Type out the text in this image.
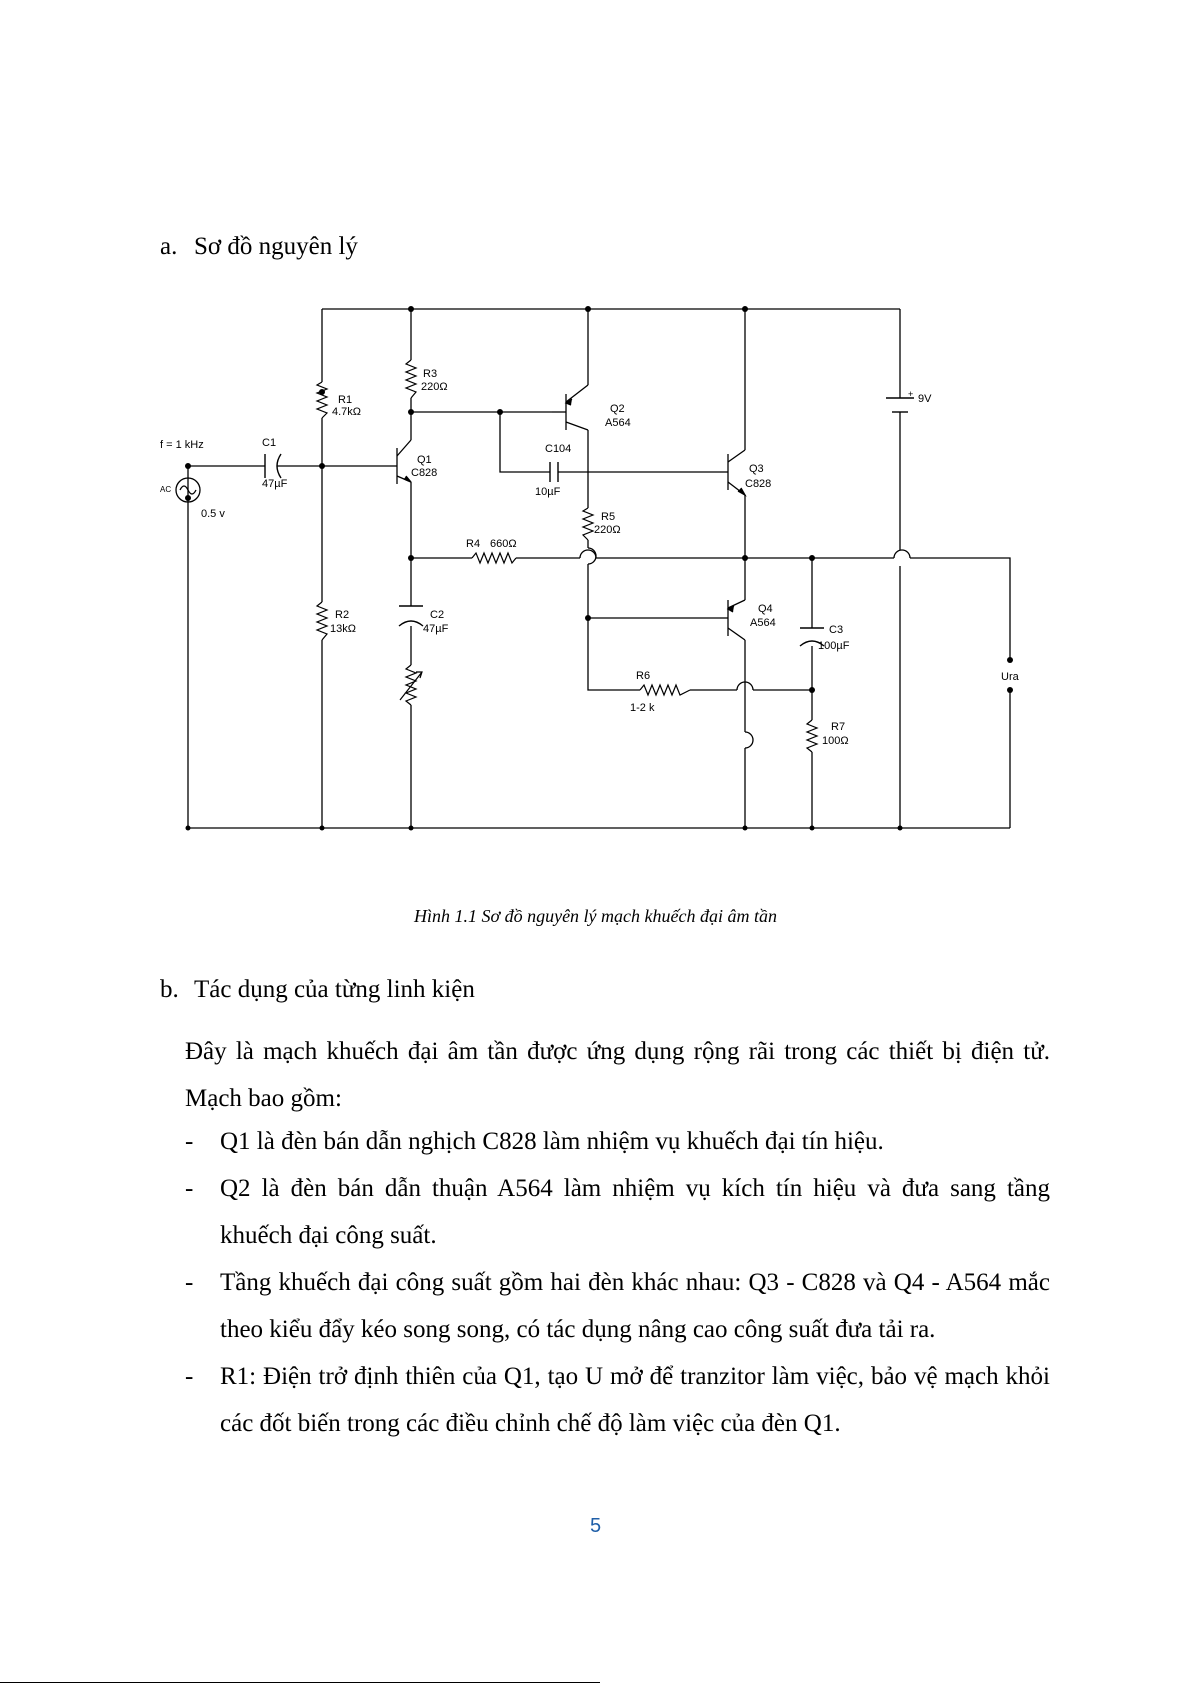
a. Sơ đồ nguyên lý
+
f = 1 kHz
AC
0.5 v
C1
47µF
R1
4.7kΩ
R2
13kΩ
R3
220Ω
Q1
C828
Q2
A564
C104
10µF
Q3
C828
R5
220Ω
R4 660Ω
C2
47µF
Q4
A564
C3
100µF
R6
1-2 k
R7
100Ω
9V
Ura
Hình 1.1 Sơ đồ nguyên lý mạch khuếch đại âm tần
b. Tác dụng của từng linh kiện
Đây là mạch khuếch đại âm tần được ứng dụng rộng rãi trong các thiết bị điện tử. Mạch bao gồm:
- Q1 là đèn bán dẫn nghịch C828 làm nhiệm vụ khuếch đại tín hiệu.
- Q2 là đèn bán dẫn thuận A564 làm nhiệm vụ kích tín hiệu và đưa sang tầng khuếch đại công suất.
- Tầng khuếch đại công suất gồm hai đèn khác nhau: Q3 - C828 và Q4 - A564 mắc theo kiểu đẩy kéo song song, có tác dụng nâng cao công suất đưa tải ra.
- R1: Điện trở định thiên của Q1, tạo U mở để tranzitor làm việc, bảo vệ mạch khỏi các đốt biến trong các điều chỉnh chế độ làm việc của đèn Q1.
5
